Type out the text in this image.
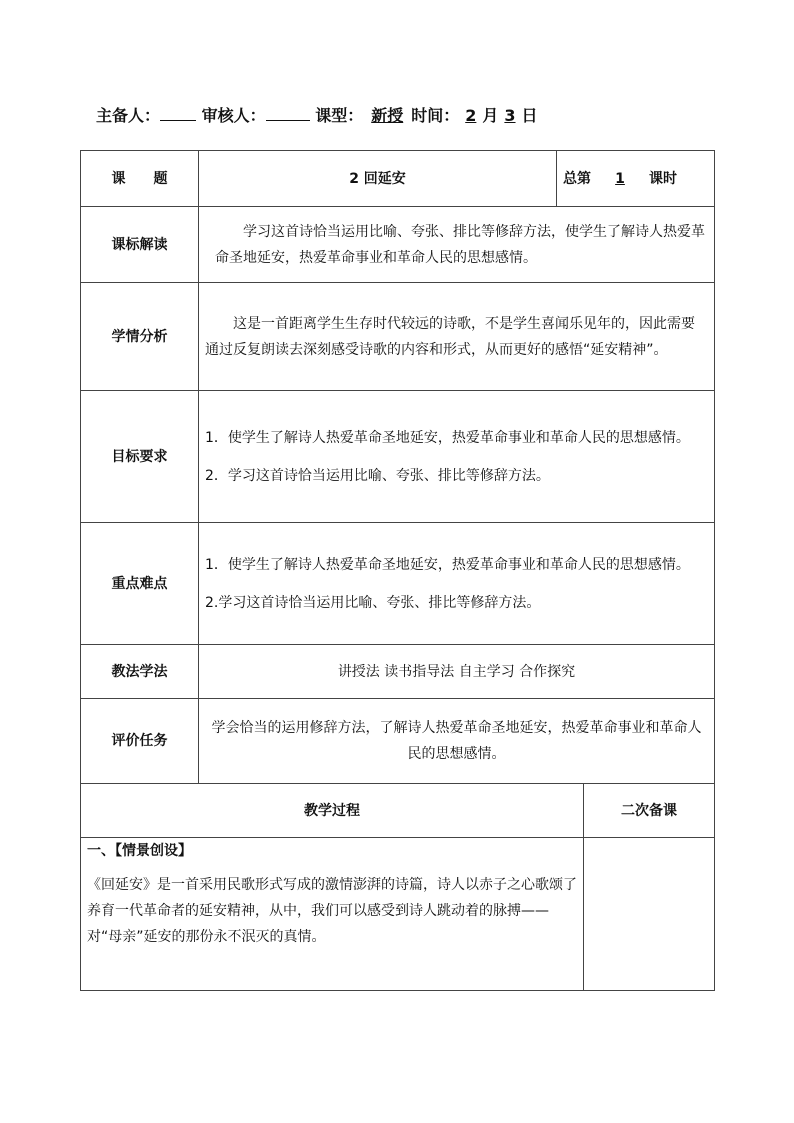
主备人：	审核人：	课型： 新授 时间： 2 月 3 日
课　　题	2 回延安	总第 1 课时	
课标解读	学习这首诗恰当运用比喻、夸张、排比等修辞方法，使学生了解诗人热爱革命圣地延安，热爱革命事业和革命人民的思想感情。		

学情分析	这是一首距离学生生存时代较远的诗歌，不是学生喜闻乐见年的，因此需要通过反复朗读去深刻感受诗歌的内容和形式，从而更好的感悟“延安精神”。		

目标要求	1．使学生了解诗人热爱革命圣地延安，热爱革命事业和革命人民的思想感情。

2．学习这首诗恰当运用比喻、夸张、排比等修辞方法。		

重点难点	1．使学生了解诗人热爱革命圣地延安，热爱革命事业和革命人民的思想感情。

2.学习这首诗恰当运用比喻、夸张、排比等修辞方法。		

教法学法	讲授法 读书指导法 自主学习 合作探究		
评价任务	学会恰当的运用修辞方法，了解诗人热爱革命圣地延安，热爱革命事业和革命人民的思想感情。		
教学过程			二次备课

一、【情景创设】

《回延安》是一首采用民歌形式写成的激情澎湃的诗篇，诗人以赤子之心歌颂了养育一代革命者的延安精神，从中，我们可以感受到诗人跳动着的脉搏——对“母亲”延安的那份永不泯灭的真情。			
